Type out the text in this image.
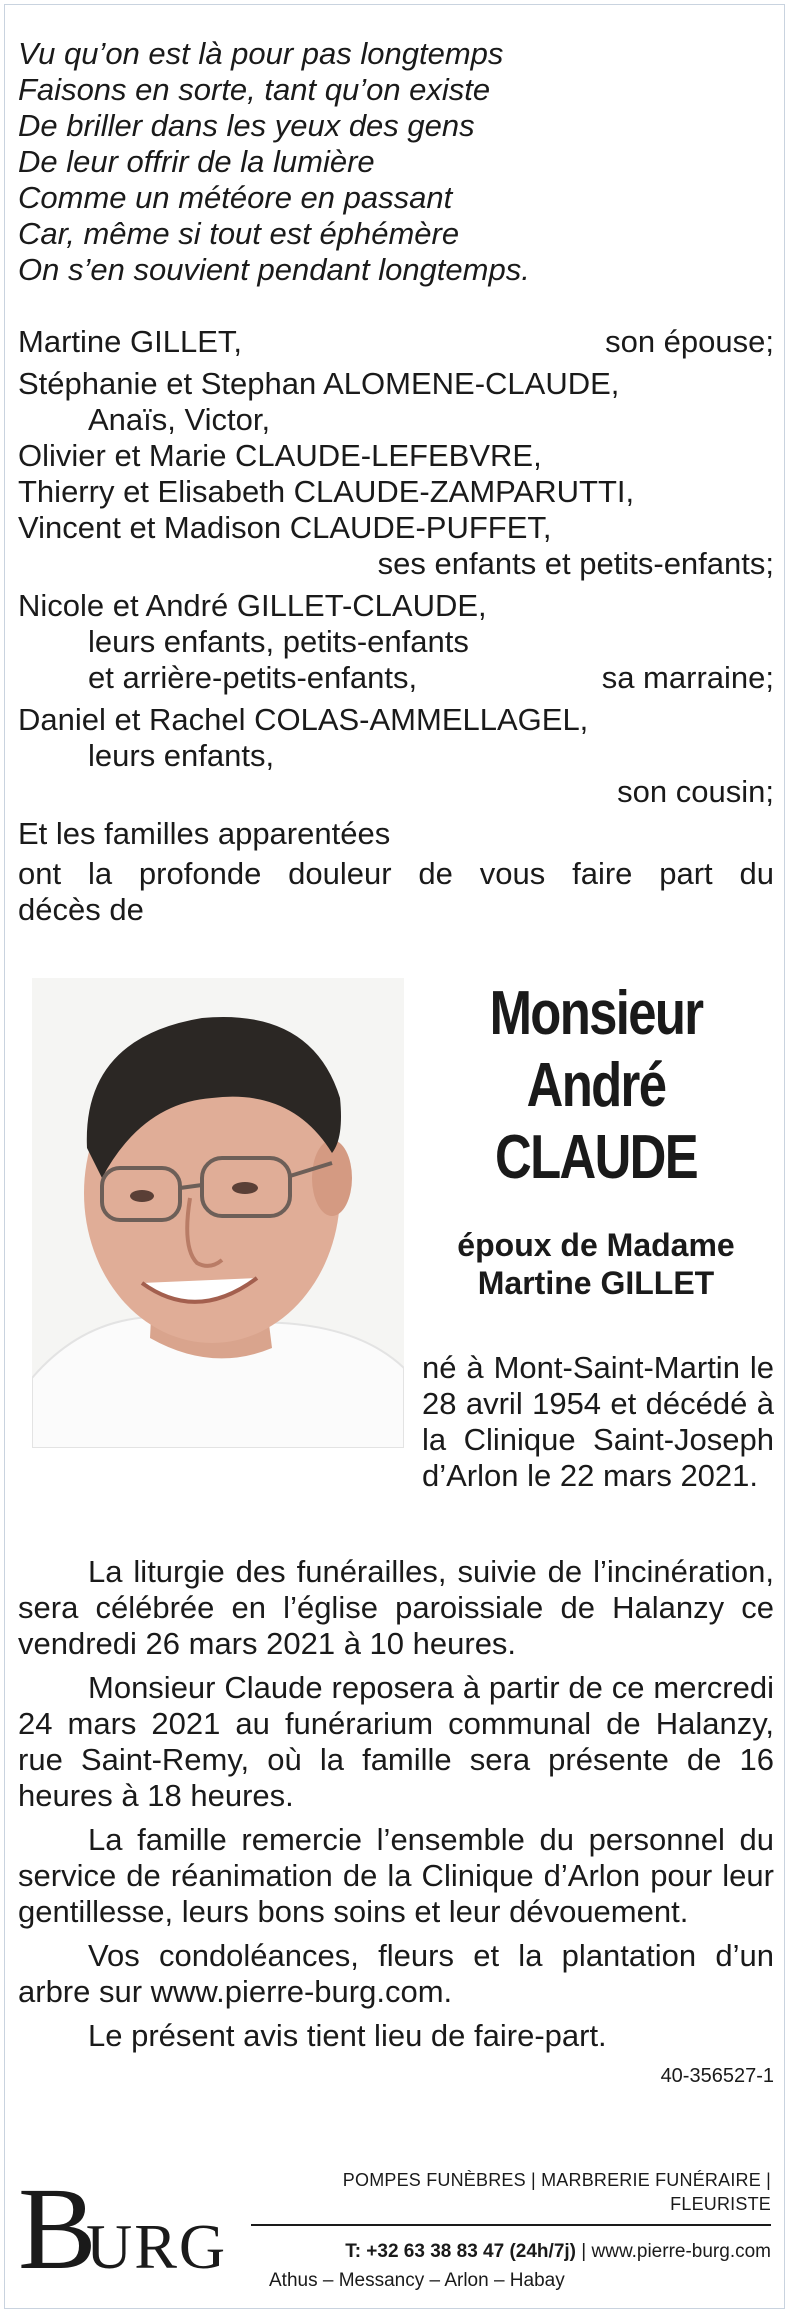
Vu qu’on est là pour pas longtemps
Faisons en sorte, tant qu’on existe
De briller dans les yeux des gens
De leur offrir de la lumière
Comme un météore en passant
Car, même si tout est éphémère
On s’en souvient pendant longtemps.
Martine GILLET,	son épouse;
Stéphanie et Stephan ALOMENE-CLAUDE,
Anaïs, Victor,
Olivier et Marie CLAUDE-LEFEBVRE,
Thierry et Elisabeth CLAUDE-ZAMPARUTTI,
Vincent et Madison CLAUDE-PUFFET,
ses enfants et petits-enfants;
Nicole et André GILLET-CLAUDE,
leurs enfants, petits-enfants
et arrière-petits-enfants,	sa marraine;
Daniel et Rachel COLAS-AMMELLAGEL,
leurs enfants,
son cousin;
Et les familles apparentées
ont la profonde douleur de vous faire part du
décès de
Monsieur
André
CLAUDE
époux de Madame
Martine GILLET

né à Mont-Saint-Martin le 28 avril 1954 et décédé à la Clinique Saint-Joseph d’Arlon le 22 mars 2021.

La liturgie des funérailles, suivie de l’incinération, sera célébrée en l’église paroissiale de Halanzy ce vendredi 26 mars 2021 à 10 heures.

Monsieur Claude reposera à partir de ce mercredi 24 mars 2021 au funérarium communal de Halanzy, rue Saint-Remy, où la famille sera présente de 16 heures à 18 heures.

La famille remercie l’ensemble du personnel du service de réanimation de la Clinique d’Arlon pour leur gentillesse, leurs bons soins et leur dévouement.

Vos condoléances, fleurs et la plantation d’un arbre sur www.pierre-burg.com.

Le présent avis tient lieu de faire-part.

40-356527-1
B
URG
POMPES FUNÈBRES | MARBRERIE FUNÉRAIRE | FLEURISTE
T: +32 63 38 83 47 (24h/7j) | www.pierre-burg.com
Athus – Messancy – Arlon – Habay
